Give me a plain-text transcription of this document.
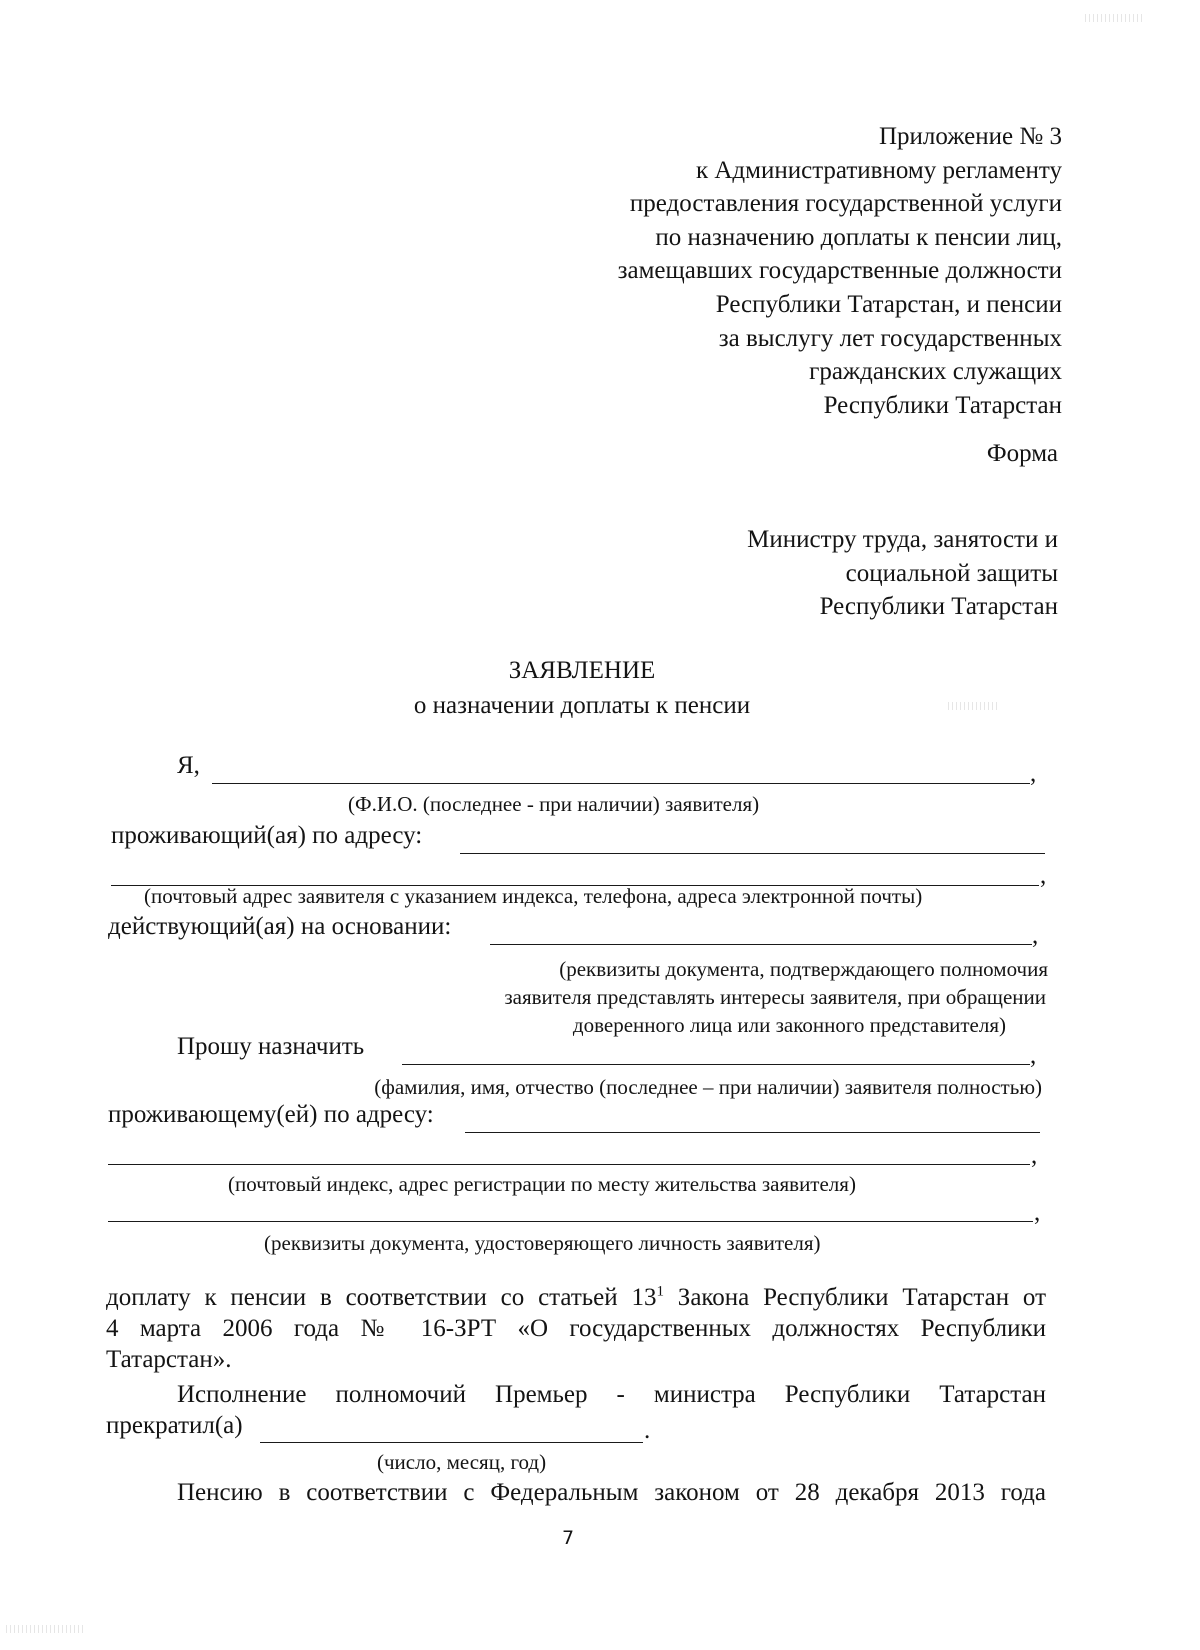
Приложение № 3
к Административному регламенту
предоставления государственной услуги
по назначению доплаты к пенсии лиц,
замещавших государственные должности
Республики Татарстан, и пенсии
за выслугу лет государственных
гражданских служащих
Республики Татарстан
Форма
Министру труда, занятости и
социальной защиты
Республики Татарстан
ЗАЯВЛЕНИЕ
о назначении доплаты к пенсии
Я,	,
(Ф.И.О. (последнее - при наличии) заявителя)
проживающий(ая) по адресу:
,
(почтовый адрес заявителя с указанием индекса, телефона, адреса электронной почты)
действующий(ая) на основании:	,
(реквизиты документа, подтверждающего полномочия
заявителя представлять интересы заявителя, при обращении
доверенного лица или законного представителя)
Прошу назначить	,
(фамилия, имя, отчество (последнее – при наличии) заявителя полностью)
проживающему(ей) по адресу:
,
(почтовый индекс, адрес регистрации по месту жительства заявителя)
,
(реквизиты документа, удостоверяющего личность заявителя)
доплату к пенсии в соответствии со статьей $13^1$ Закона Республики Татарстан от
4 марта 2006 года № 16-ЗРТ «О государственных должностях Республики
Татарстан».
Исполнение полномочий Премьер - министра Республики Татарстан
прекратил(а)	.
(число, месяц, год)
Пенсию в соответствии с Федеральным законом от 28 декабря 2013 года
7
